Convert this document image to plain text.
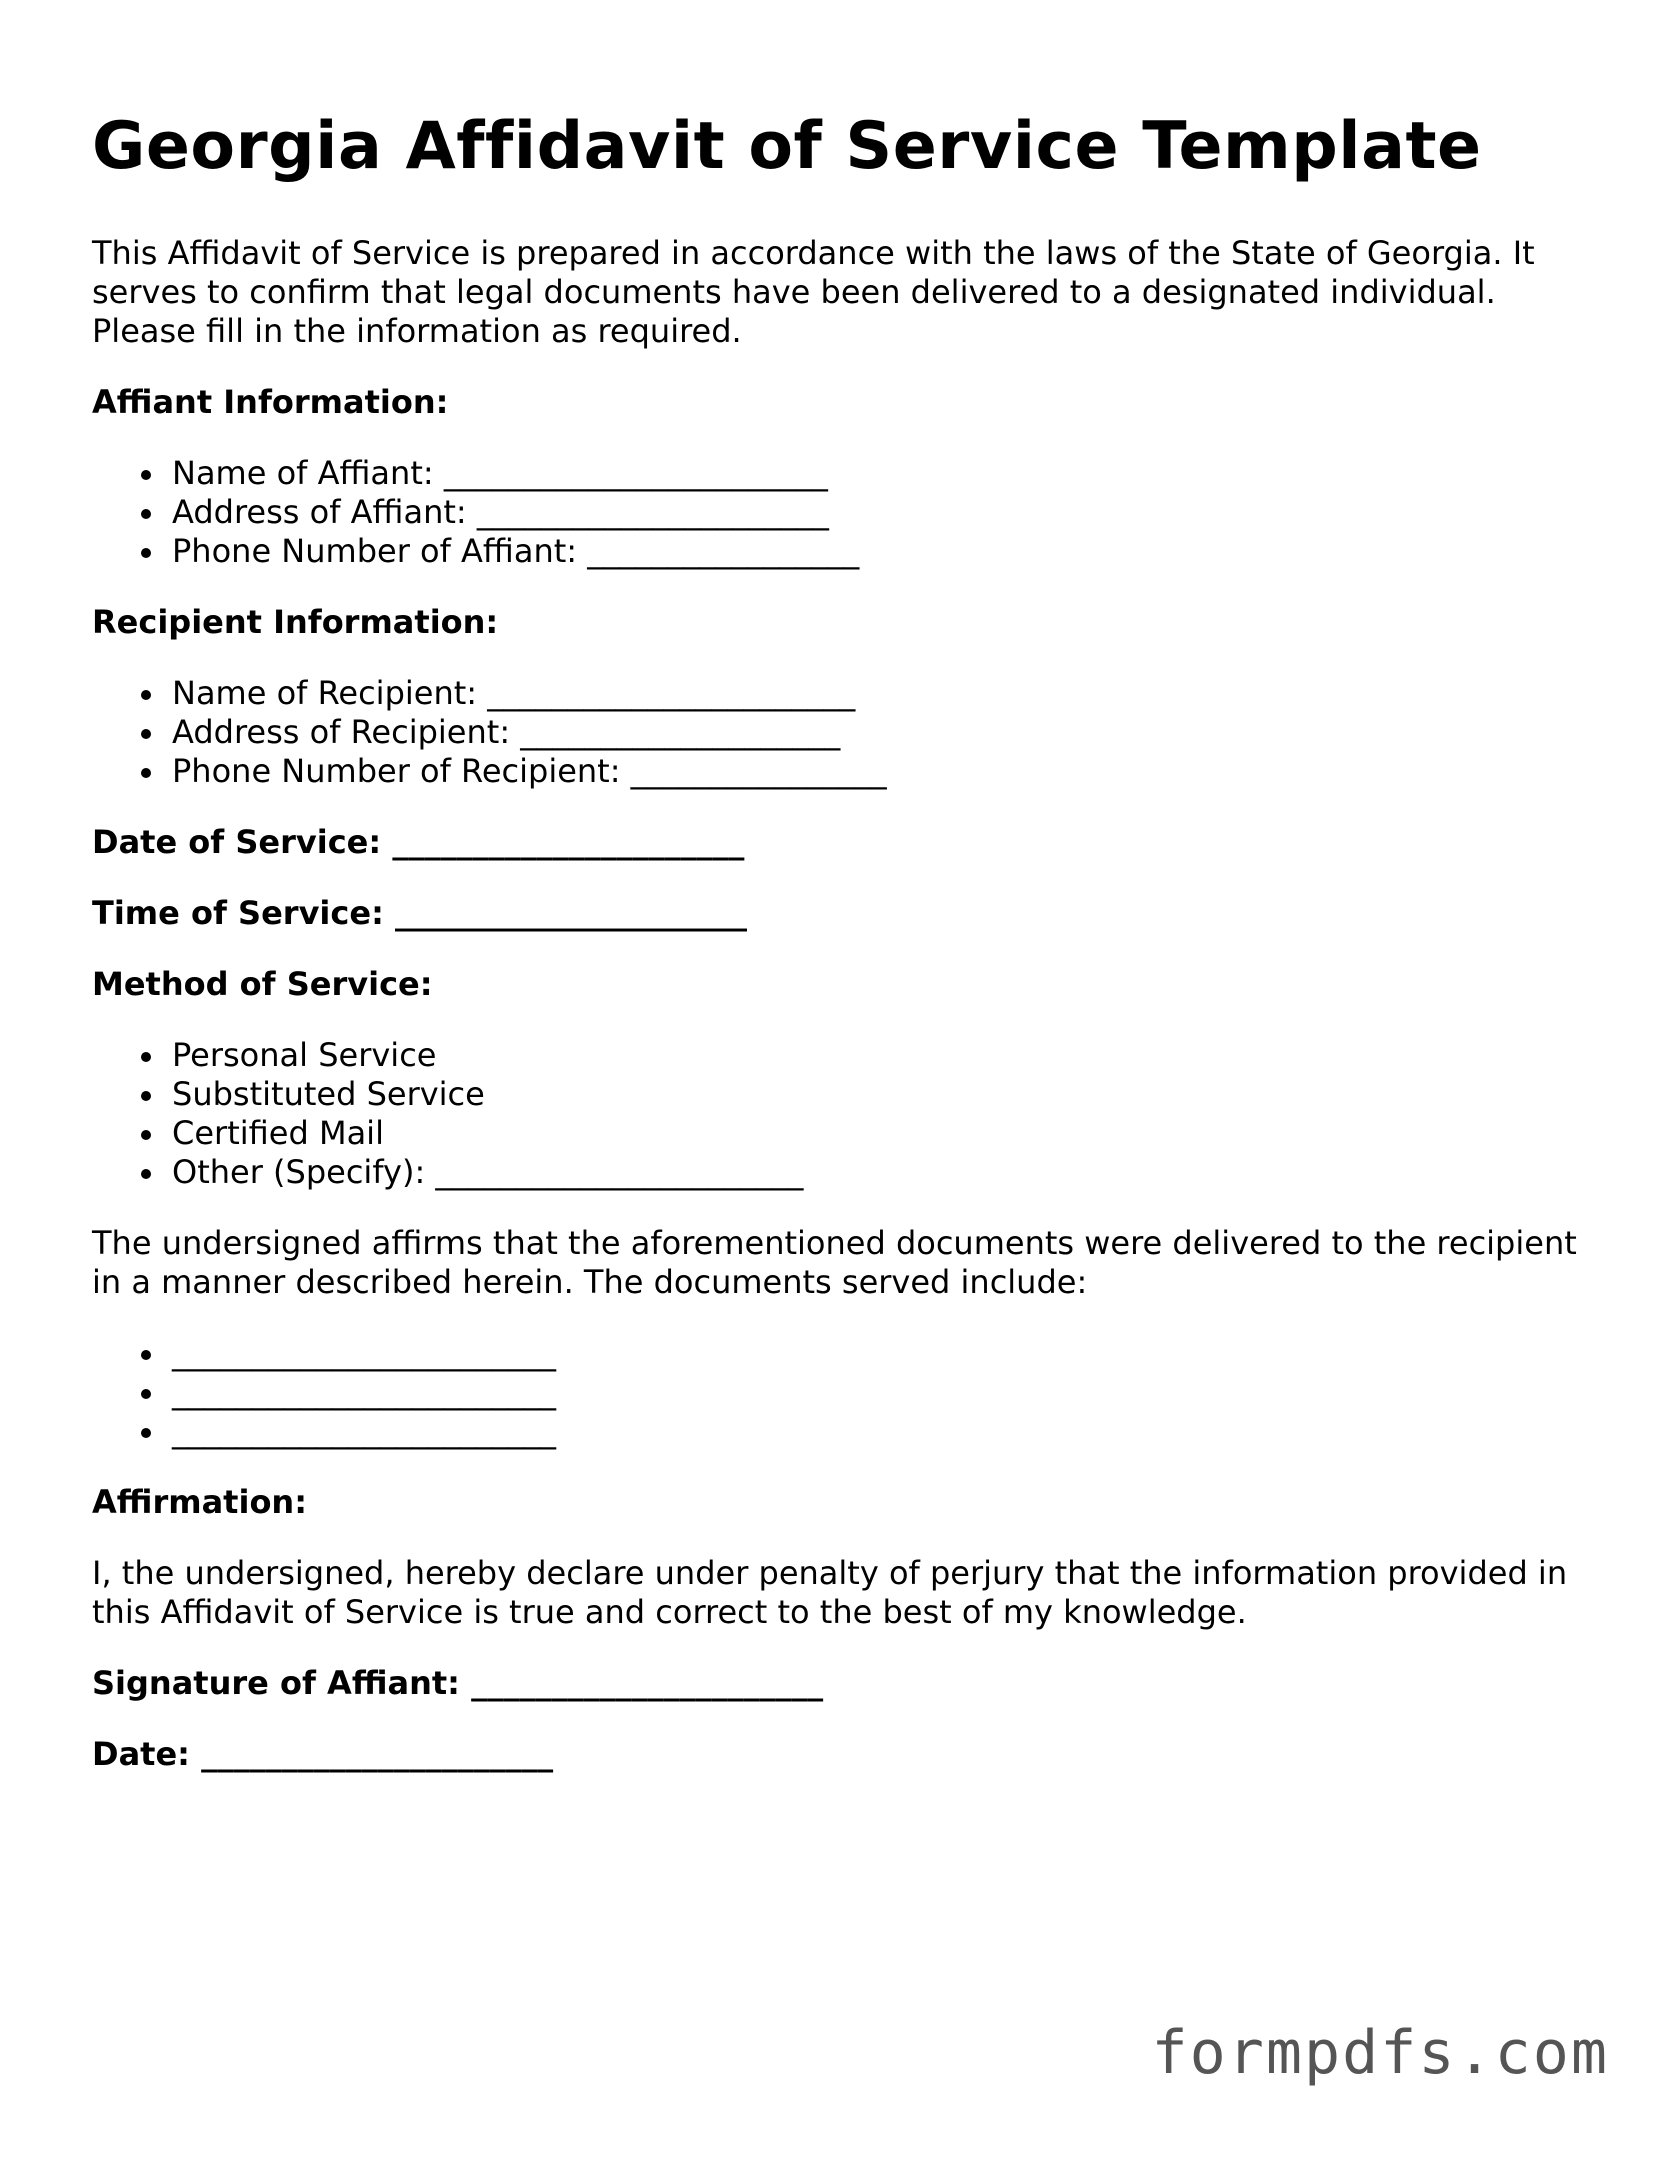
Georgia Affidavit of Service Template

This Affidavit of Service is prepared in accordance with the laws of the State of Georgia. It serves to confirm that legal documents have been delivered to a designated individual. Please fill in the information as required.

Affiant Information:
Name of Affiant: ________________________
Address of Affiant: ______________________
Phone Number of Affiant: _________________
Recipient Information:
Name of Recipient: _______________________
Address of Recipient: ____________________
Phone Number of Recipient: ________________
Date of Service: ______________________
Time of Service: ______________________
Method of Service:
Personal Service
Substituted Service
Certified Mail
Other (Specify): _______________________

The undersigned affirms that the aforementioned documents were delivered to the recipient in a manner described herein. The documents served include:

________________________
________________________
________________________
Affirmation:

I, the undersigned, hereby declare under penalty of perjury that the information provided in this Affidavit of Service is true and correct to the best of my knowledge.

Signature of Affiant: ______________________
Date: ______________________
formpdfs.com
